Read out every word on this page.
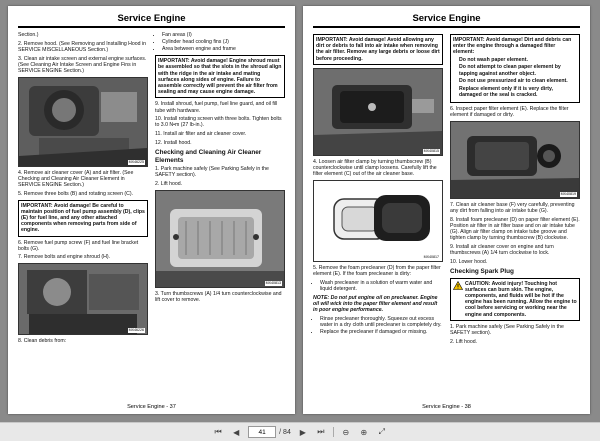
Service Engine

Section.)

2. Remove hood. (See Removing and Installing Hood in SERVICE MISCELLANEOUS Section.)

3. Clean air intake screen and external engine surfaces. (See Cleaning Air Intake Screen and Engine Fins in SERVICE ENGINE Section.)

MX46225

4. Remove air cleaner cover (A) and air filter. (See Checking and Cleaning Air Cleaner Element in SERVICE ENGINE Section.)

5. Remove three bolts (B) and rotating screen (C).

IMPORTANT: Avoid damage! Be careful to maintain position of fuel pump assembly (D), clips (E) for fuel line, and any other attached components when removing parts from side of engine.

6. Remove fuel pump screw (F) and fuel line bracket bolts (G).

7. Remove bolts and engine shroud (H).

MX46226

8. Clean debris from:

• Fan areas (I)
• Cylinder head cooling fins (J)
• Area between engine and frame
IMPORTANT: Avoid damage! Engine shroud must be assembled so that the slots in the shroud align with the ridge in the air intake and mating surfaces along sides of engine. Failure to assemble correctly will prevent the air filter from sealing and may cause engine damage.

9. Install shroud, fuel pump, fuel line guard, and oil fill tube with hardware.

10. Install rotating screen with three bolts. Tighten bolts to 3.0 N•m (27 lb-in.).

11. Install air filter and air cleaner cover.

12. Install hood.

Checking and Cleaning Air Cleaner Elements

1. Park machine safely (See Parking Safely in the SAFETY section).

2. Lift hood.

MX40813

3. Turn thumbscrews (A) 1/4 turn counterclockwise and lift cover to remove.

Service Engine - 37
Service Engine
IMPORTANT: Avoid damage! Avoid allowing any dirt or debris to fall into air intake when removing the air filter. Remove any large debris or loose dirt before proceeding.
MX40815

4. Loosen air filter clamp by turning thumbscrew (B) counterclockwise until clamp loosens. Carefully lift the filter element (C) out of the air cleaner base.

MX40817

5. Remove the foam precleaner (D) from the paper filter element (E). If the foam precleaner is dirty:

• Wash precleaner in a solution of warm water and liquid detergent.

NOTE: Do not put engine oil on precleaner. Engine oil will wick into the paper filter element and result in poor engine performance.

• Rinse precleaner thoroughly. Squeeze out excess water in a dry cloth until precleaner is completely dry.
• Replace the precleaner if damaged or missing.
IMPORTANT: Avoid damage! Dirt and debris can enter the engine through a damaged filter element:
• Do not wash paper element.
• Do not attempt to clean paper element by tapping against another object.
• Do not use pressurized air to clean element.
• Replace element only if it is very dirty, damaged or the seal is cracked.

6. Inspect paper filter element (E). Replace the filter element if damaged or dirty.

MX40819

7. Clean air cleaner base (F) very carefully, preventing any dirt from falling into air intake tube (G).

8. Install foam precleaner (D) on paper filter element (E). Position air filter in air filter base and on air intake tube (G). Align air filter clamp on intake tube groove and tighten clamp by turning thumbscrew (B) clockwise.

9. Install air cleaner cover on engine and turn thumbscrews (A) 1/4 turn clockwise to lock.

10. Lower hood.

Checking Spark Plug
CAUTION: Avoid injury! Touching hot surfaces can burn skin. The engine, components, and fluids will be hot if the engine has been running. Allow the engine to cool before servicing or working near the engine and components.

1. Park machine safely (See Parking Safely in the SAFETY section).

2. Lift hood.

Service Engine - 38
⏮	◀
41	/ 84	▶	⏭	⊖	⊕	⤢
